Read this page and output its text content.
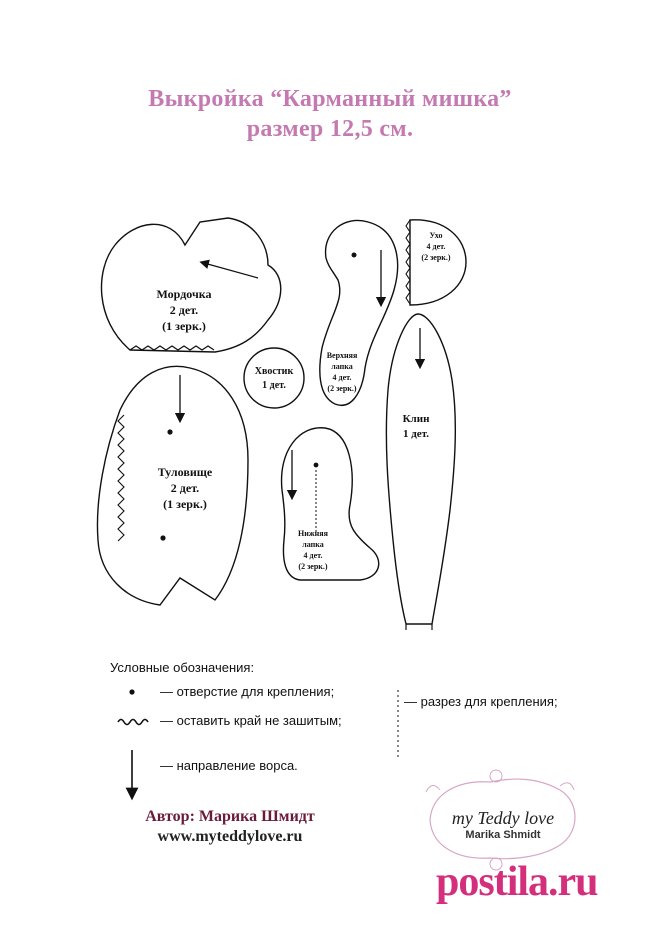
Выкройка “Карманный мишка”
размер 12,5 см.
Мордочка
2 дет.
(1 зерк.)
Хвостик
1 дет.
Верхняя
лапка
4 дет.
(2 зерк.)
Ухо
4 дет.
(2 зерк.)
Клин
1 дет.
Туловище
2 дет.
(1 зерк.)
Нижняя
лапка
4 дет.
(2 зерк.)
Условные обозначения:
— отверстие для крепления;
— оставить край не зашитым;
— направление ворса.
— разрез для крепления;
Автор: Марика Шмидт
www.myteddylove.ru
my Teddy love
Marika Shmidt
postila.ru
